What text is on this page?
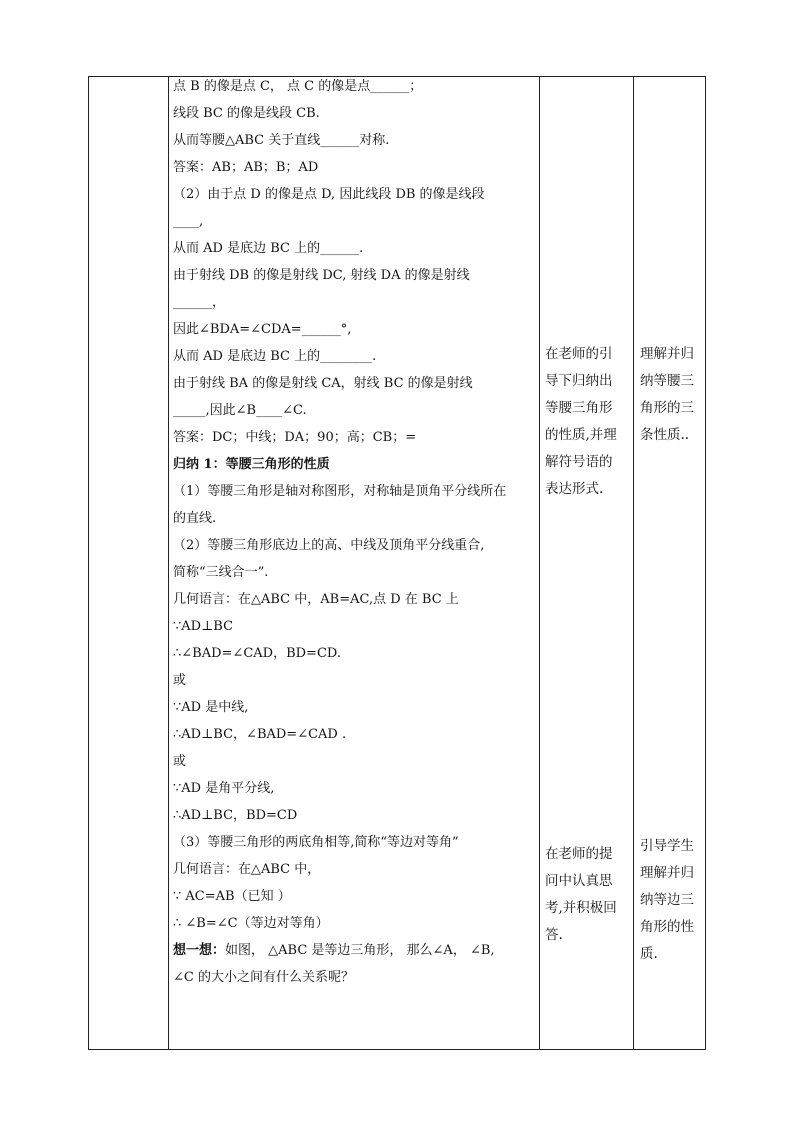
点 B 的像是点 C， 点 C 的像是点______；
线段 BC 的像是线段 CB.
从而等腰△ABC 关于直线______对称.
答案：AB；AB；B；AD
（2）由于点 D 的像是点 D, 因此线段 DB 的像是线段
____,
从而 AD 是底边 BC 上的______.
由于射线 DB 的像是射线 DC, 射线 DA 的像是射线
______，
因此∠BDA=∠CDA=______°,
从而 AD 是底边 BC 上的________.
由于射线 BA 的像是射线 CA，射线 BC 的像是射线
_____,因此∠B____∠C.
答案：DC；中线；DA；90；高；CB；=
归纳 1：等腰三角形的性质
（1）等腰三角形是轴对称图形，对称轴是顶角平分线所在
的直线.
（2）等腰三角形底边上的高、中线及顶角平分线重合,
简称“三线合一”.
几何语言：在△ABC 中，AB=AC,点 D 在 BC 上
∵AD⊥BC
∴∠BAD=∠CAD，BD=CD.
或
∵AD 是中线,
∴AD⊥BC，∠BAD=∠CAD .
或
∵AD 是角平分线,
∴AD⊥BC，BD=CD
（3）等腰三角形的两底角相等,简称“等边对等角”
几何语言：在△ABC 中，
∵ AC=AB（已知 ）
∴ ∠B=∠C（等边对等角）
想一想：如图， △ABC 是等边三角形， 那么∠A， ∠B,
∠C 的大小之间有什么关系呢？
在老师的引
导下归纳出
等腰三角形
的性质,并理
解符号语的
表达形式.
在老师的提
问中认真思
考,并积极回
答.
理解并归
纳等腰三
角形的三
条性质..
引导学生
理解并归
纳等边三
角形的性
质.
